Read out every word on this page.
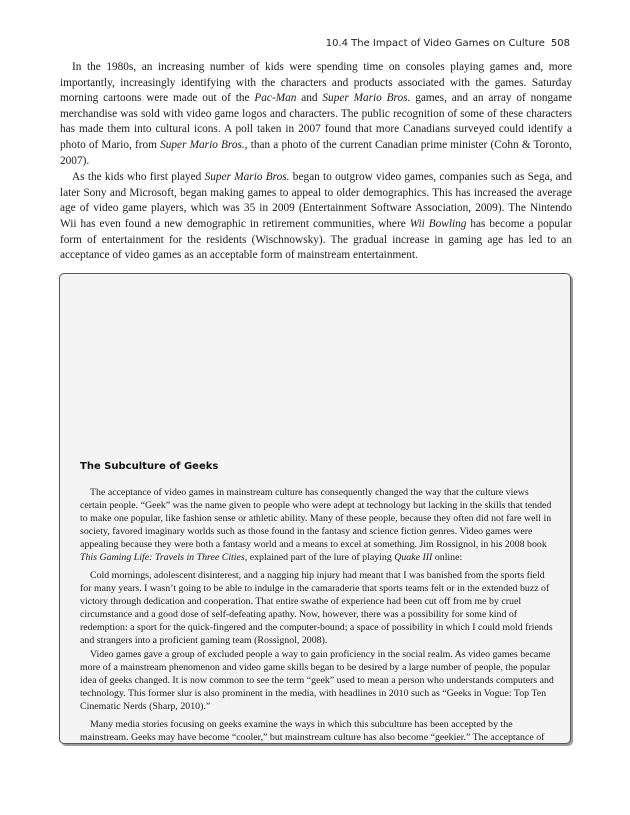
10.4 The Impact of Video Games on Culture 508

In the 1980s, an increasing number of kids were spending time on consoles playing games and, more importantly, increasingly identifying with the characters and products associated with the games. Saturday morning cartoons were made out of the Pac-Man and Super Mario Bros. games, and an array of nongame merchandise was sold with video game logos and characters. The public recognition of some of these characters has made them into cultural icons. A poll taken in 2007 found that more Canadians surveyed could identify a photo of Mario, from Super Mario Bros., than a photo of the current Canadian prime minister (Cohn & Toronto, 2007).

As the kids who first played Super Mario Bros. began to outgrow video games, companies such as Sega, and later Sony and Microsoft, began making games to appeal to older demographics. This has increased the average age of video game players, which was 35 in 2009 (Entertainment Software Association, 2009). The Nintendo Wii has even found a new demographic in retirement communities, where Wii Bowling has become a popular form of entertainment for the residents (Wischnowsky). The gradual increase in gaming age has led to an acceptance of video games as an acceptable form of mainstream entertainment.

The Subculture of Geeks

The acceptance of video games in mainstream culture has consequently changed the way that the culture views certain people. “Geek” was the name given to people who were adept at technology but lacking in the skills that tended to make one popular, like fashion sense or athletic ability. Many of these people, because they often did not fare well in society, favored imaginary worlds such as those found in the fantasy and science fiction genres. Video games were appealing because they were both a fantasy world and a means to excel at something. Jim Rossignol, in his 2008 book This Gaming Life: Travels in Three Cities, explained part of the lure of playing Quake III online:

Cold mornings, adolescent disinterest, and a nagging hip injury had meant that I was banished from the sports field for many years. I wasn’t going to be able to indulge in the camaraderie that sports teams felt or in the extended buzz of victory through dedication and cooperation. That entire swathe of experience had been cut off from me by cruel circumstance and a good dose of self-defeating apathy. Now, however, there was a possibility for some kind of redemption: a sport for the quick-fingered and the computer-bound; a space of possibility in which I could mold friends and strangers into a proficient gaming team (Rossignol, 2008).

Video games gave a group of excluded people a way to gain proficiency in the social realm. As video games became more of a mainstream phenomenon and video game skills began to be desired by a large number of people, the popular idea of geeks changed. It is now common to see the term “geek” used to mean a person who understands computers and technology. This former slur is also prominent in the media, with headlines in 2010 such as “Geeks in Vogue: Top Ten Cinematic Nerds (Sharp, 2010).”

Many media stories focusing on geeks examine the ways in which this subculture has been accepted by the mainstream. Geeks may have become “cooler,” but mainstream culture has also become “geekier.” The acceptance of
